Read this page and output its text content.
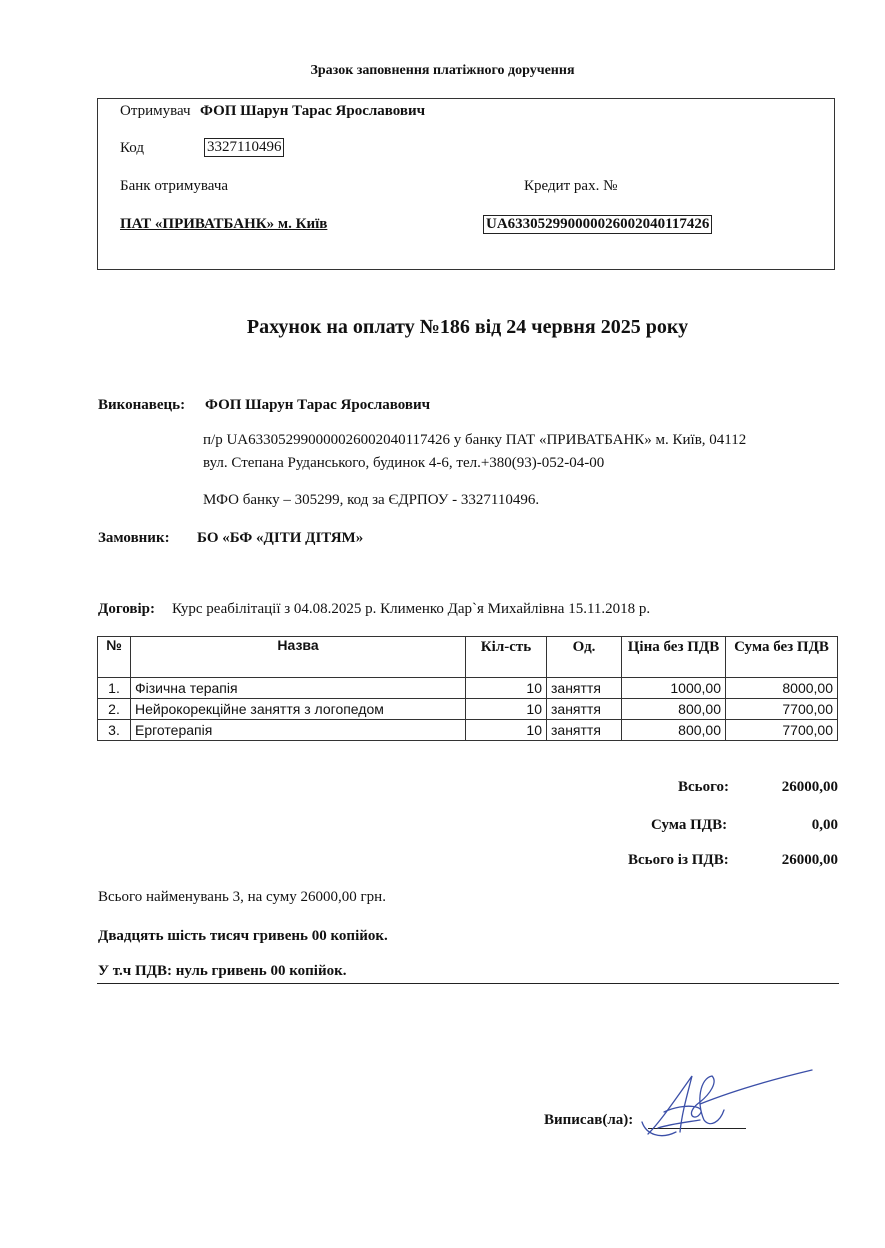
Зразок заповнення платіжного доручення
Отримувач ФОП Шарун Тарас Ярославович
Код	3327110496
Банк отримувача	Кредит рах. №
ПАТ «ПРИВАТБАНК» м. Київ	UA633052990000026002040117426
Рахунок на оплату №186 від 24 червня 2025 року
Виконавець: ФОП Шарун Тарас Ярославович
п/р UA633052990000026002040117426 у банку ПАТ «ПРИВАТБАНК» м. Київ, 04112
вул. Степана Руданського, будинок 4-6, тел.+380(93)-052-04-00
МФО банку – 305299, код за ЄДРПОУ - 3327110496.
Замовник: БО «БФ «ДІТИ ДІТЯМ»
Договір: Курс реабілітації з 04.08.2025 р. Клименко Дар`я Михайлівна 15.11.2018 р.
№	Назва	Кіл-сть	Од.	Ціна без ПДВ	Сума без ПДВ
1.	Фізична терапія	10	заняття	1000,00	8000,00
2.	Нейрокорекційне заняття з логопедом	10	заняття	800,00	7700,00
3.	Ерготерапія	10	заняття	800,00	7700,00
Всього:	26000,00
Сума ПДВ:	0,00
Всього із ПДВ:	26000,00
Всього найменувань 3, на суму 26000,00 грн.
Двадцять шість тисяч гривень 00 копійок.
У т.ч ПДВ: нуль гривень 00 копійок.
Виписав(ла):
